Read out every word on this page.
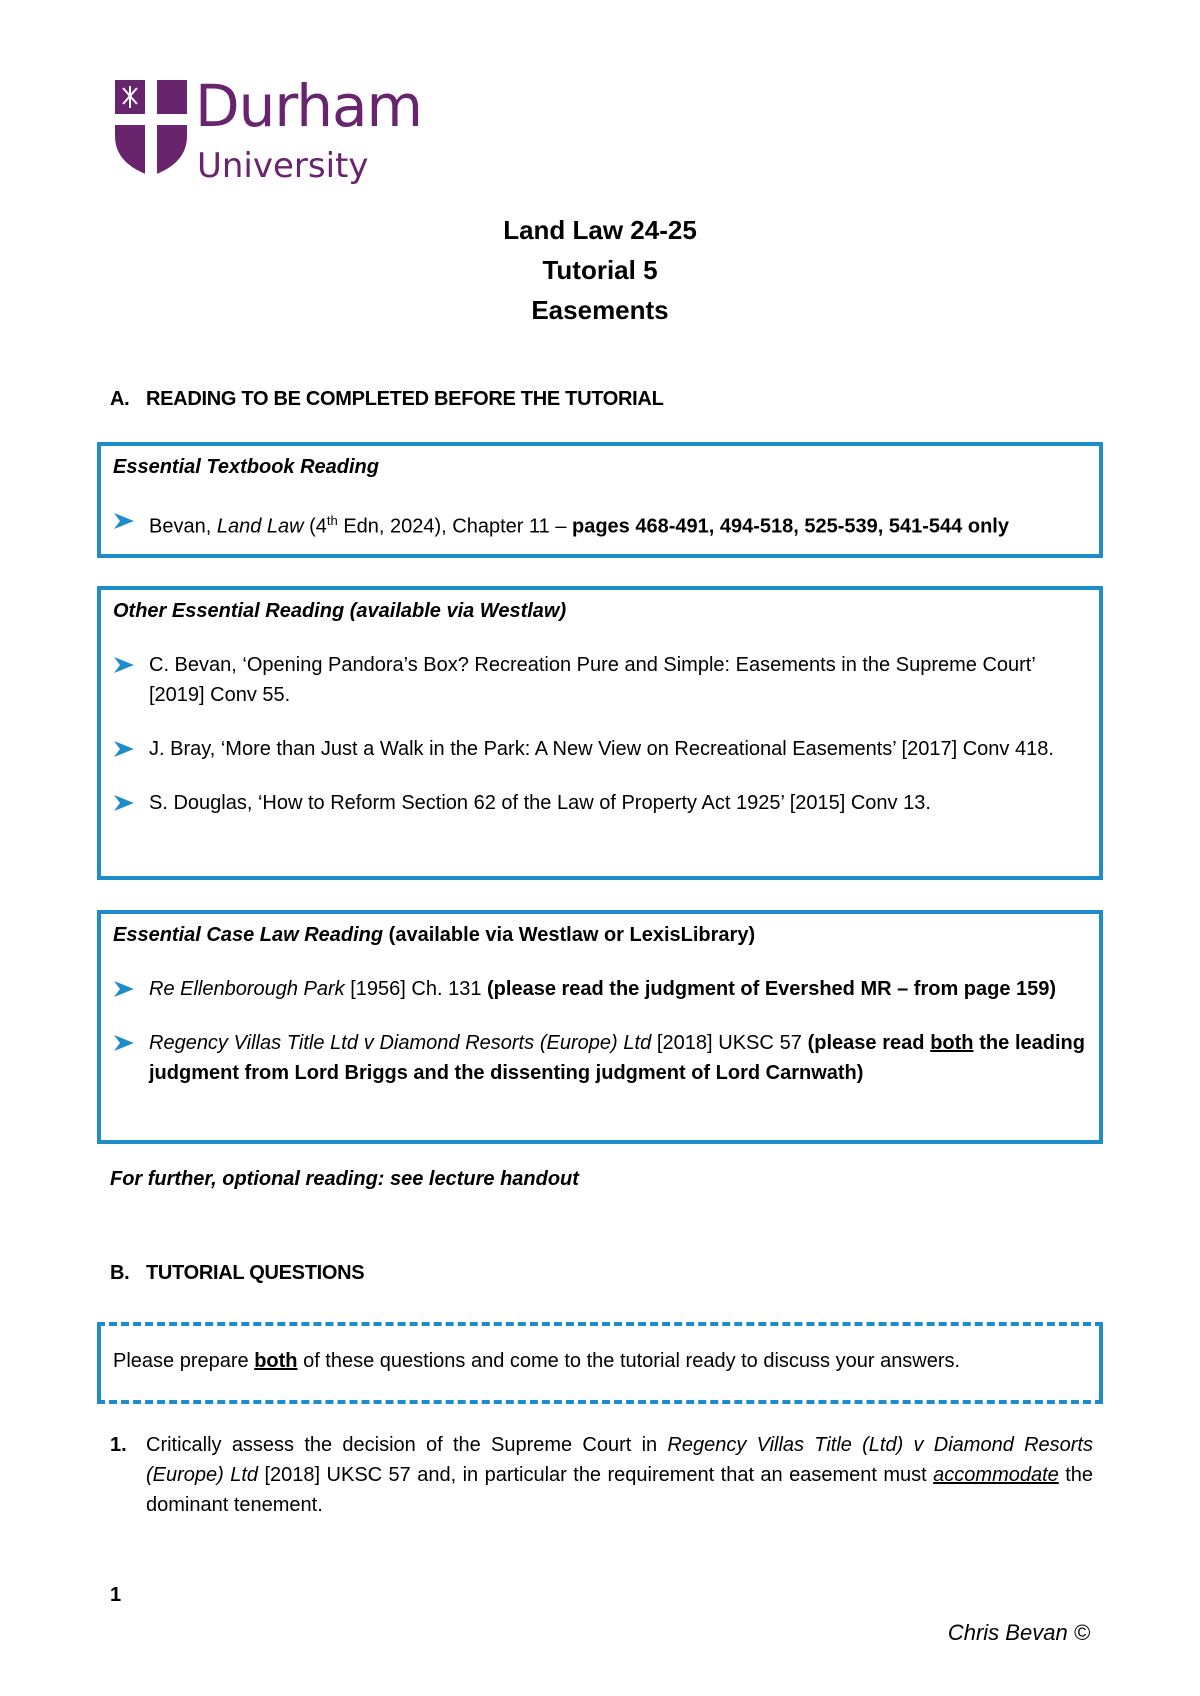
Durham
University
Land Law 24-25
Tutorial 5
Easements
A. READING TO BE COMPLETED BEFORE THE TUTORIAL
Essential Textbook Reading
Bevan, Land Law (4th Edn, 2024), Chapter 11 – pages 468-491, 494-518, 525-539, 541-544 only
Other Essential Reading (available via Westlaw)
C. Bevan, ‘Opening Pandora’s Box? Recreation Pure and Simple: Easements in the Supreme Court’ [2019] Conv 55.
J. Bray, ‘More than Just a Walk in the Park: A New View on Recreational Easements’ [2017] Conv 418.
S. Douglas, ‘How to Reform Section 62 of the Law of Property Act 1925’ [2015] Conv 13.
Essential Case Law Reading (available via Westlaw or LexisLibrary)
Re Ellenborough Park [1956] Ch. 131 (please read the judgment of Evershed MR – from page 159)
Regency Villas Title Ltd v Diamond Resorts (Europe) Ltd [2018] UKSC 57 (please read both the leading judgment from Lord Briggs and the dissenting judgment of Lord Carnwath)
For further, optional reading: see lecture handout
B. TUTORIAL QUESTIONS
Please prepare both of these questions and come to the tutorial ready to discuss your answers.
1. Critically assess the decision of the Supreme Court in Regency Villas Title (Ltd) v Diamond Resorts (Europe) Ltd [2018] UKSC 57 and, in particular the requirement that an easement must accommodate the dominant tenement.
1
Chris Bevan ©
